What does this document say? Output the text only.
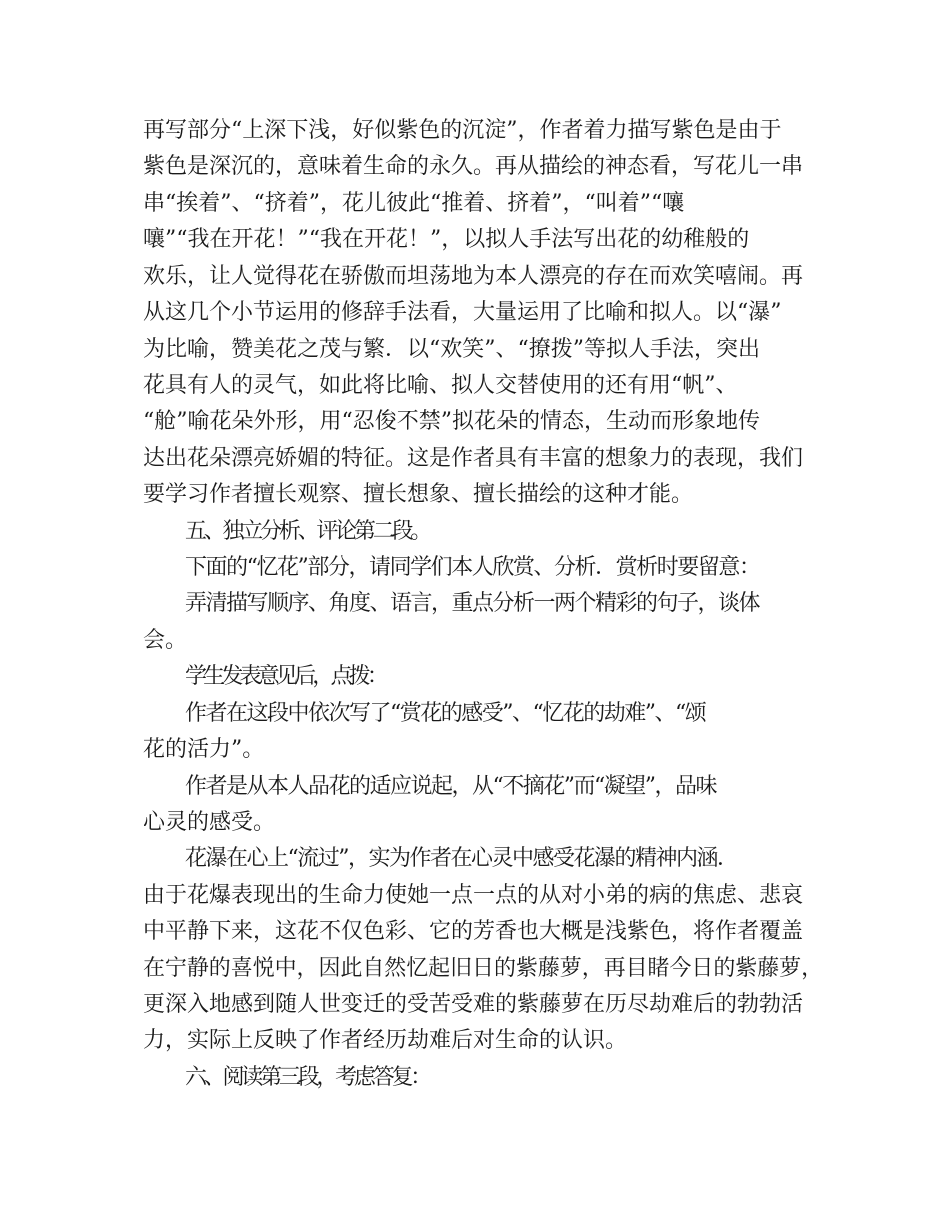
再写部分“上深下浅，好似紫色的沉淀”，作者着力描写紫色是由于
紫色是深沉的，意味着生命的永久。再从描绘的神态看，写花儿一串
串“挨着”、“挤着”，花儿彼此“推着、挤着”，“叫着”“嚷
嚷”“我在开花！”“我在开花！”，以拟人手法写出花的幼稚般的
欢乐，让人觉得花在骄傲而坦荡地为本人漂亮的存在而欢笑嘻闹。再
从这几个小节运用的修辞手法看，大量运用了比喻和拟人。以“瀑”
为比喻，赞美花之茂与繁．以“欢笑”、“撩拨”等拟人手法，突出
花具有人的灵气，如此将比喻、拟人交替使用的还有用“帆”、
“舱”喻花朵外形，用“忍俊不禁”拟花朵的情态，生动而形象地传
达出花朵漂亮娇媚的特征。这是作者具有丰富的想象力的表现，我们
要学习作者擅长观察、擅长想象、擅长描绘的这种才能。
五、独立分析、评论第二段。
下面的“忆花”部分，请同学们本人欣赏、分析．赏析时要留意：
弄清描写顺序、角度、语言，重点分析一两个精彩的句子，谈体
会。
学生发表意见后，点拨：
作者在这段中依次写了“赏花的感受”、“忆花的劫难”、“颂
花的活力”。
作者是从本人品花的适应说起，从“不摘花”而“凝望”，品味
心灵的感受。
花瀑在心上“流过”，实为作者在心灵中感受花瀑的精神内涵．
由于花爆表现出的生命力使她一点一点的从对小弟的病的焦虑、悲哀
中平静下来，这花不仅色彩、它的芳香也大概是浅紫色，将作者覆盖
在宁静的喜悦中，因此自然忆起旧日的紫藤萝，再目睹今日的紫藤萝，
更深入地感到随人世变迁的受苦受难的紫藤萝在历尽劫难后的勃勃活
力，实际上反映了作者经历劫难后对生命的认识。
六、阅读第三段，考虑答复：
